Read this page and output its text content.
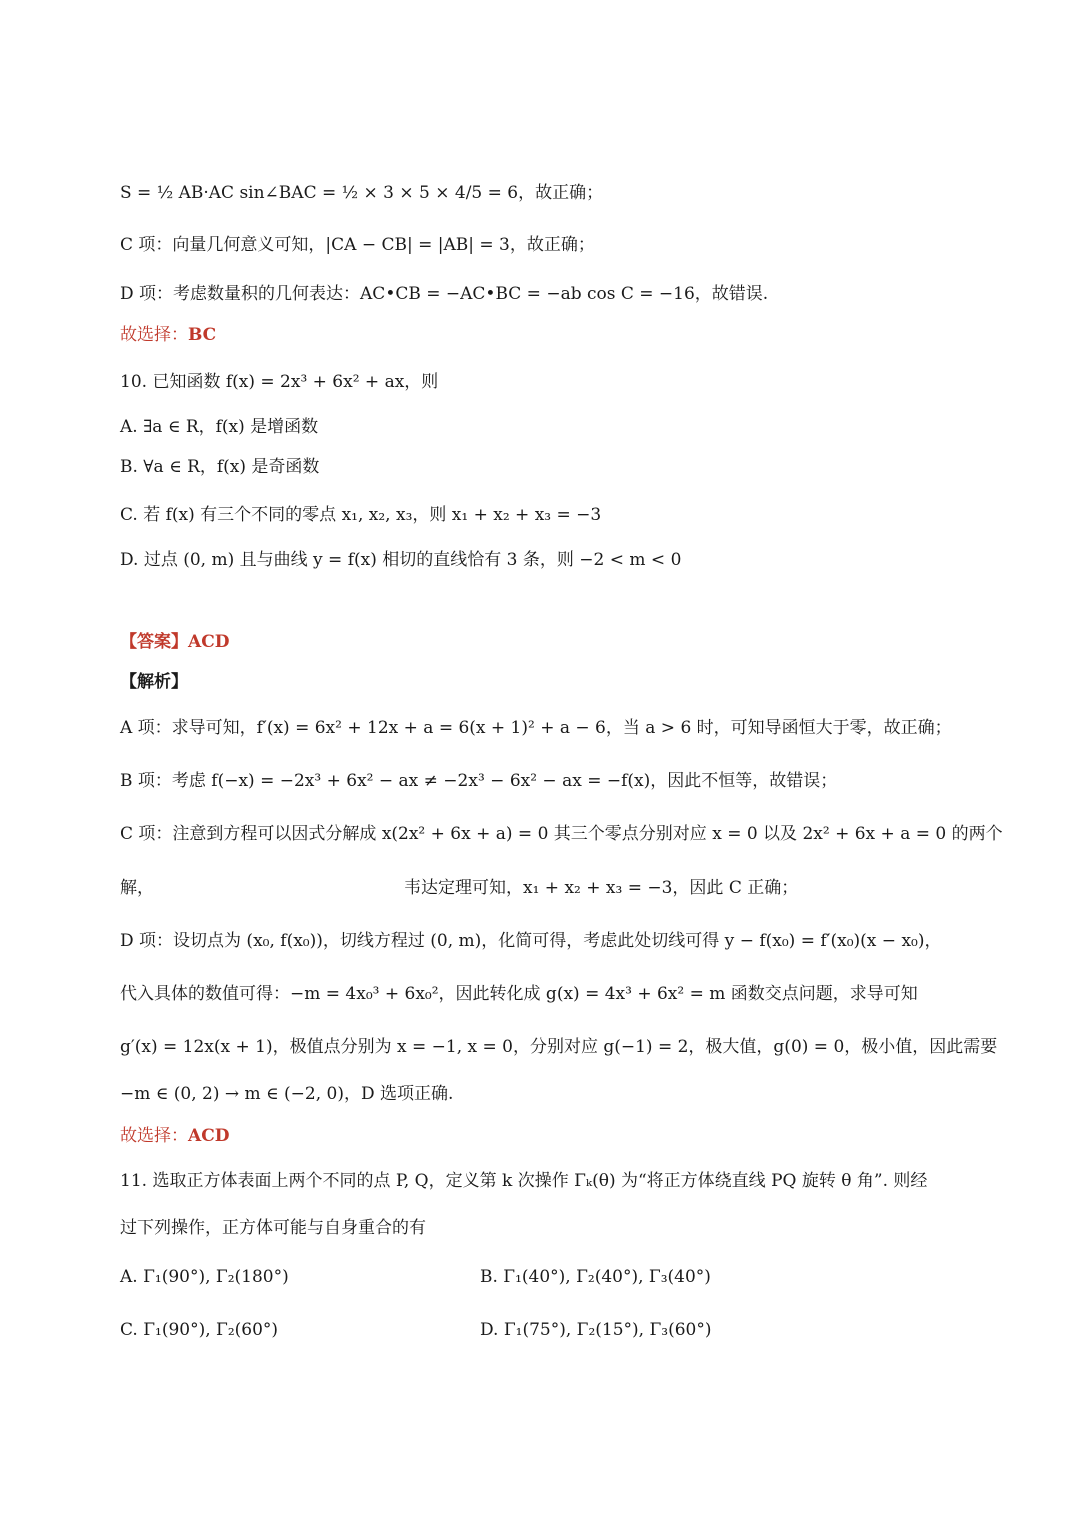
S = ½ AB·AC sin∠BAC = ½ × 3 × 5 × 4/5 = 6，故正确；
C 项：向量几何意义可知，|CA − CB| = |AB| = 3，故正确；
D 项：考虑数量积的几何表达：AC•CB = −AC•BC = −ab cos C = −16，故错误.
故选择：BC
10. 已知函数 f(x) = 2x³ + 6x² + ax，则
A. ∃a ∈ R，f(x) 是增函数
B. ∀a ∈ R，f(x) 是奇函数
C. 若 f(x) 有三个不同的零点 x₁, x₂, x₃，则 x₁ + x₂ + x₃ = −3
D. 过点 (0, m) 且与曲线 y = f(x) 相切的直线恰有 3 条，则 −2 < m < 0
【答案】ACD
【解析】
A 项：求导可知，f′(x) = 6x² + 12x + a = 6(x + 1)² + a − 6，当 a > 6 时，可知导函恒大于零，故正确；
B 项：考虑 f(−x) = −2x³ + 6x² − ax ≠ −2x³ − 6x² − ax = −f(x)，因此不恒等，故错误；
C 项：注意到方程可以因式分解成 x(2x² + 6x + a) = 0 其三个零点分别对应 x = 0 以及 2x² + 6x + a = 0 的两个
解，	韦达定理可知，x₁ + x₂ + x₃ = −3，因此 C 正确；
D 项：设切点为 (x₀, f(x₀))，切线方程过 (0, m)，化简可得，考虑此处切线可得 y − f(x₀) = f′(x₀)(x − x₀)，
代入具体的数值可得：−m = 4x₀³ + 6x₀²，因此转化成 g(x) = 4x³ + 6x² = m 函数交点问题，求导可知
g′(x) = 12x(x + 1)，极值点分别为 x = −1, x = 0，分别对应 g(−1) = 2，极大值，g(0) = 0，极小值，因此需要
−m ∈ (0, 2) → m ∈ (−2, 0)，D 选项正确.
故选择：ACD
11. 选取正方体表面上两个不同的点 P, Q，定义第 k 次操作 Γₖ(θ) 为“将正方体绕直线 PQ 旋转 θ 角”. 则经
过下列操作，正方体可能与自身重合的有
A. Γ₁(90°), Γ₂(180°)	B. Γ₁(40°), Γ₂(40°), Γ₃(40°)
C. Γ₁(90°), Γ₂(60°)	D. Γ₁(75°), Γ₂(15°), Γ₃(60°)
